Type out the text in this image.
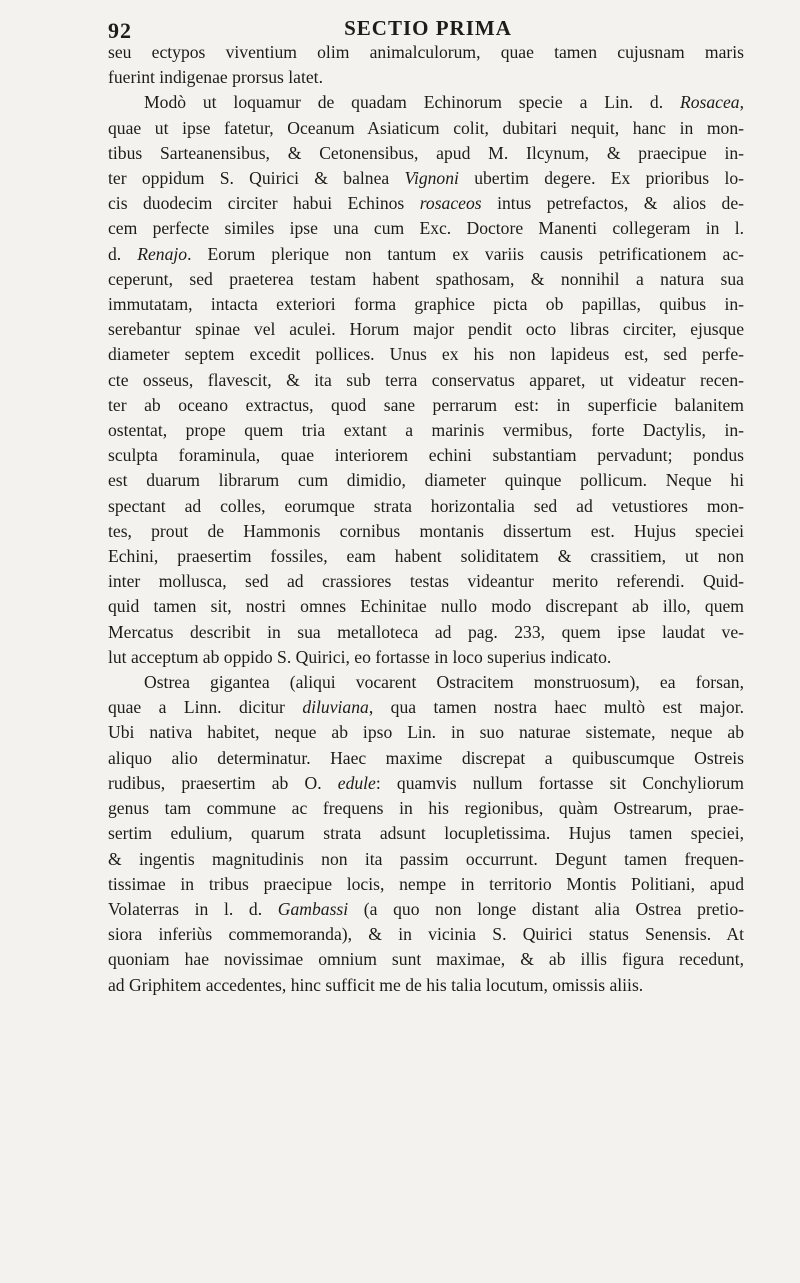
92	SECTIO PRIMA

seu ectypos viventium olim animalculorum, quae tamen cujusnam maris
fuerint indigenae prorsus latet.

Modò ut loquamur de quadam Echinorum specie a Lin. d. Rosacea,
quae ut ipse fatetur, Oceanum Asiaticum colit, dubitari nequit, hanc in mon-
tibus Sarteanensibus, & Cetonensibus, apud M. Ilcynum, & praecipue in-
ter oppidum S. Quirici & balnea Vignoni ubertim degere. Ex prioribus lo-
cis duodecim circiter habui Echinos rosaceos intus petrefactos, & alios de-
cem perfecte similes ipse una cum Exc. Doctore Manenti collegeram in l.
d. Renajo. Eorum plerique non tantum ex variis causis petrificationem ac-
ceperunt, sed praeterea testam habent spathosam, & nonnihil a natura sua
immutatam, intacta exteriori forma graphice picta ob papillas, quibus in-
serebantur spinae vel aculei. Horum major pendit octo libras circiter, ejusque
diameter septem excedit pollices. Unus ex his non lapideus est, sed perfe-
cte osseus, flavescit, & ita sub terra conservatus apparet, ut videatur recen-
ter ab oceano extractus, quod sane perrarum est: in superficie balanitem
ostentat, prope quem tria extant a marinis vermibus, forte Dactylis, in-
sculpta foraminula, quae interiorem echini substantiam pervadunt; pondus
est duarum librarum cum dimidio, diameter quinque pollicum. Neque hi
spectant ad colles, eorumque strata horizontalia sed ad vetustiores mon-
tes, prout de Hammonis cornibus montanis dissertum est. Hujus speciei
Echini, praesertim fossiles, eam habent soliditatem & crassitiem, ut non
inter mollusca, sed ad crassiores testas videantur merito referendi. Quid-
quid tamen sit, nostri omnes Echinitae nullo modo discrepant ab illo, quem
Mercatus describit in sua metalloteca ad pag. 233, quem ipse laudat ve-
lut acceptum ab oppido S. Quirici, eo fortasse in loco superius indicato.

Ostrea gigantea (aliqui vocarent Ostracitem monstruosum), ea forsan,
quae a Linn. dicitur diluviana, qua tamen nostra haec multò est major.
Ubi nativa habitet, neque ab ipso Lin. in suo naturae sistemate, neque ab
aliquo alio determinatur. Haec maxime discrepat a quibuscumque Ostreis
rudibus, praesertim ab O. edule: quamvis nullum fortasse sit Conchyliorum
genus tam commune ac frequens in his regionibus, quàm Ostrearum, prae-
sertim edulium, quarum strata adsunt locupletissima. Hujus tamen speciei,
& ingentis magnitudinis non ita passim occurrunt. Degunt tamen frequen-
tissimae in tribus praecipue locis, nempe in territorio Montis Politiani, apud
Volaterras in l. d. Gambassi (a quo non longe distant alia Ostrea pretio-
siora inferiùs commemoranda), & in vicinia S. Quirici status Senensis. At
quoniam hae novissimae omnium sunt maximae, & ab illis figura recedunt,
ad Griphitem accedentes, hinc sufficit me de his talia locutum, omissis aliis.
